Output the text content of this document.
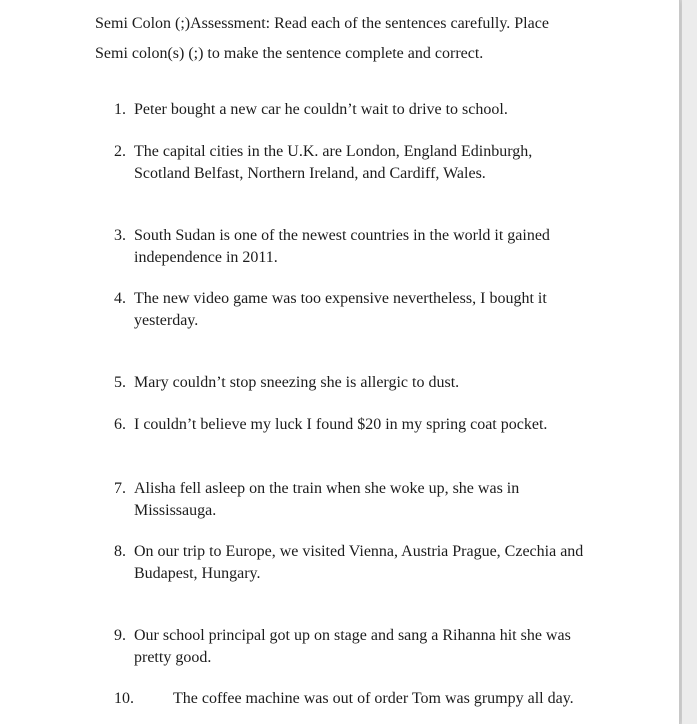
Semi Colon (;)Assessment: Read each of the sentences carefully. Place
Semi colon(s) (;) to make the sentence complete and correct.
1. Peter bought a new car he couldn’t wait to drive to school.
2. The capital cities in the U.K. are London, England Edinburgh, Scotland Belfast, Northern Ireland, and Cardiff, Wales.
3. South Sudan is one of the newest countries in the world it gained independence in 2011.
4. The new video game was too expensive nevertheless, I bought it yesterday.
5. Mary couldn’t stop sneezing she is allergic to dust.
6. I couldn’t believe my luck I found $20 in my spring coat pocket.
7. Alisha fell asleep on the train when she woke up, she was in Mississauga.
8. On our trip to Europe, we visited Vienna, Austria Prague, Czechia and Budapest, Hungary.
9. Our school principal got up on stage and sang a Rihanna hit she was pretty good.
10. The coffee machine was out of order Tom was grumpy all day.
